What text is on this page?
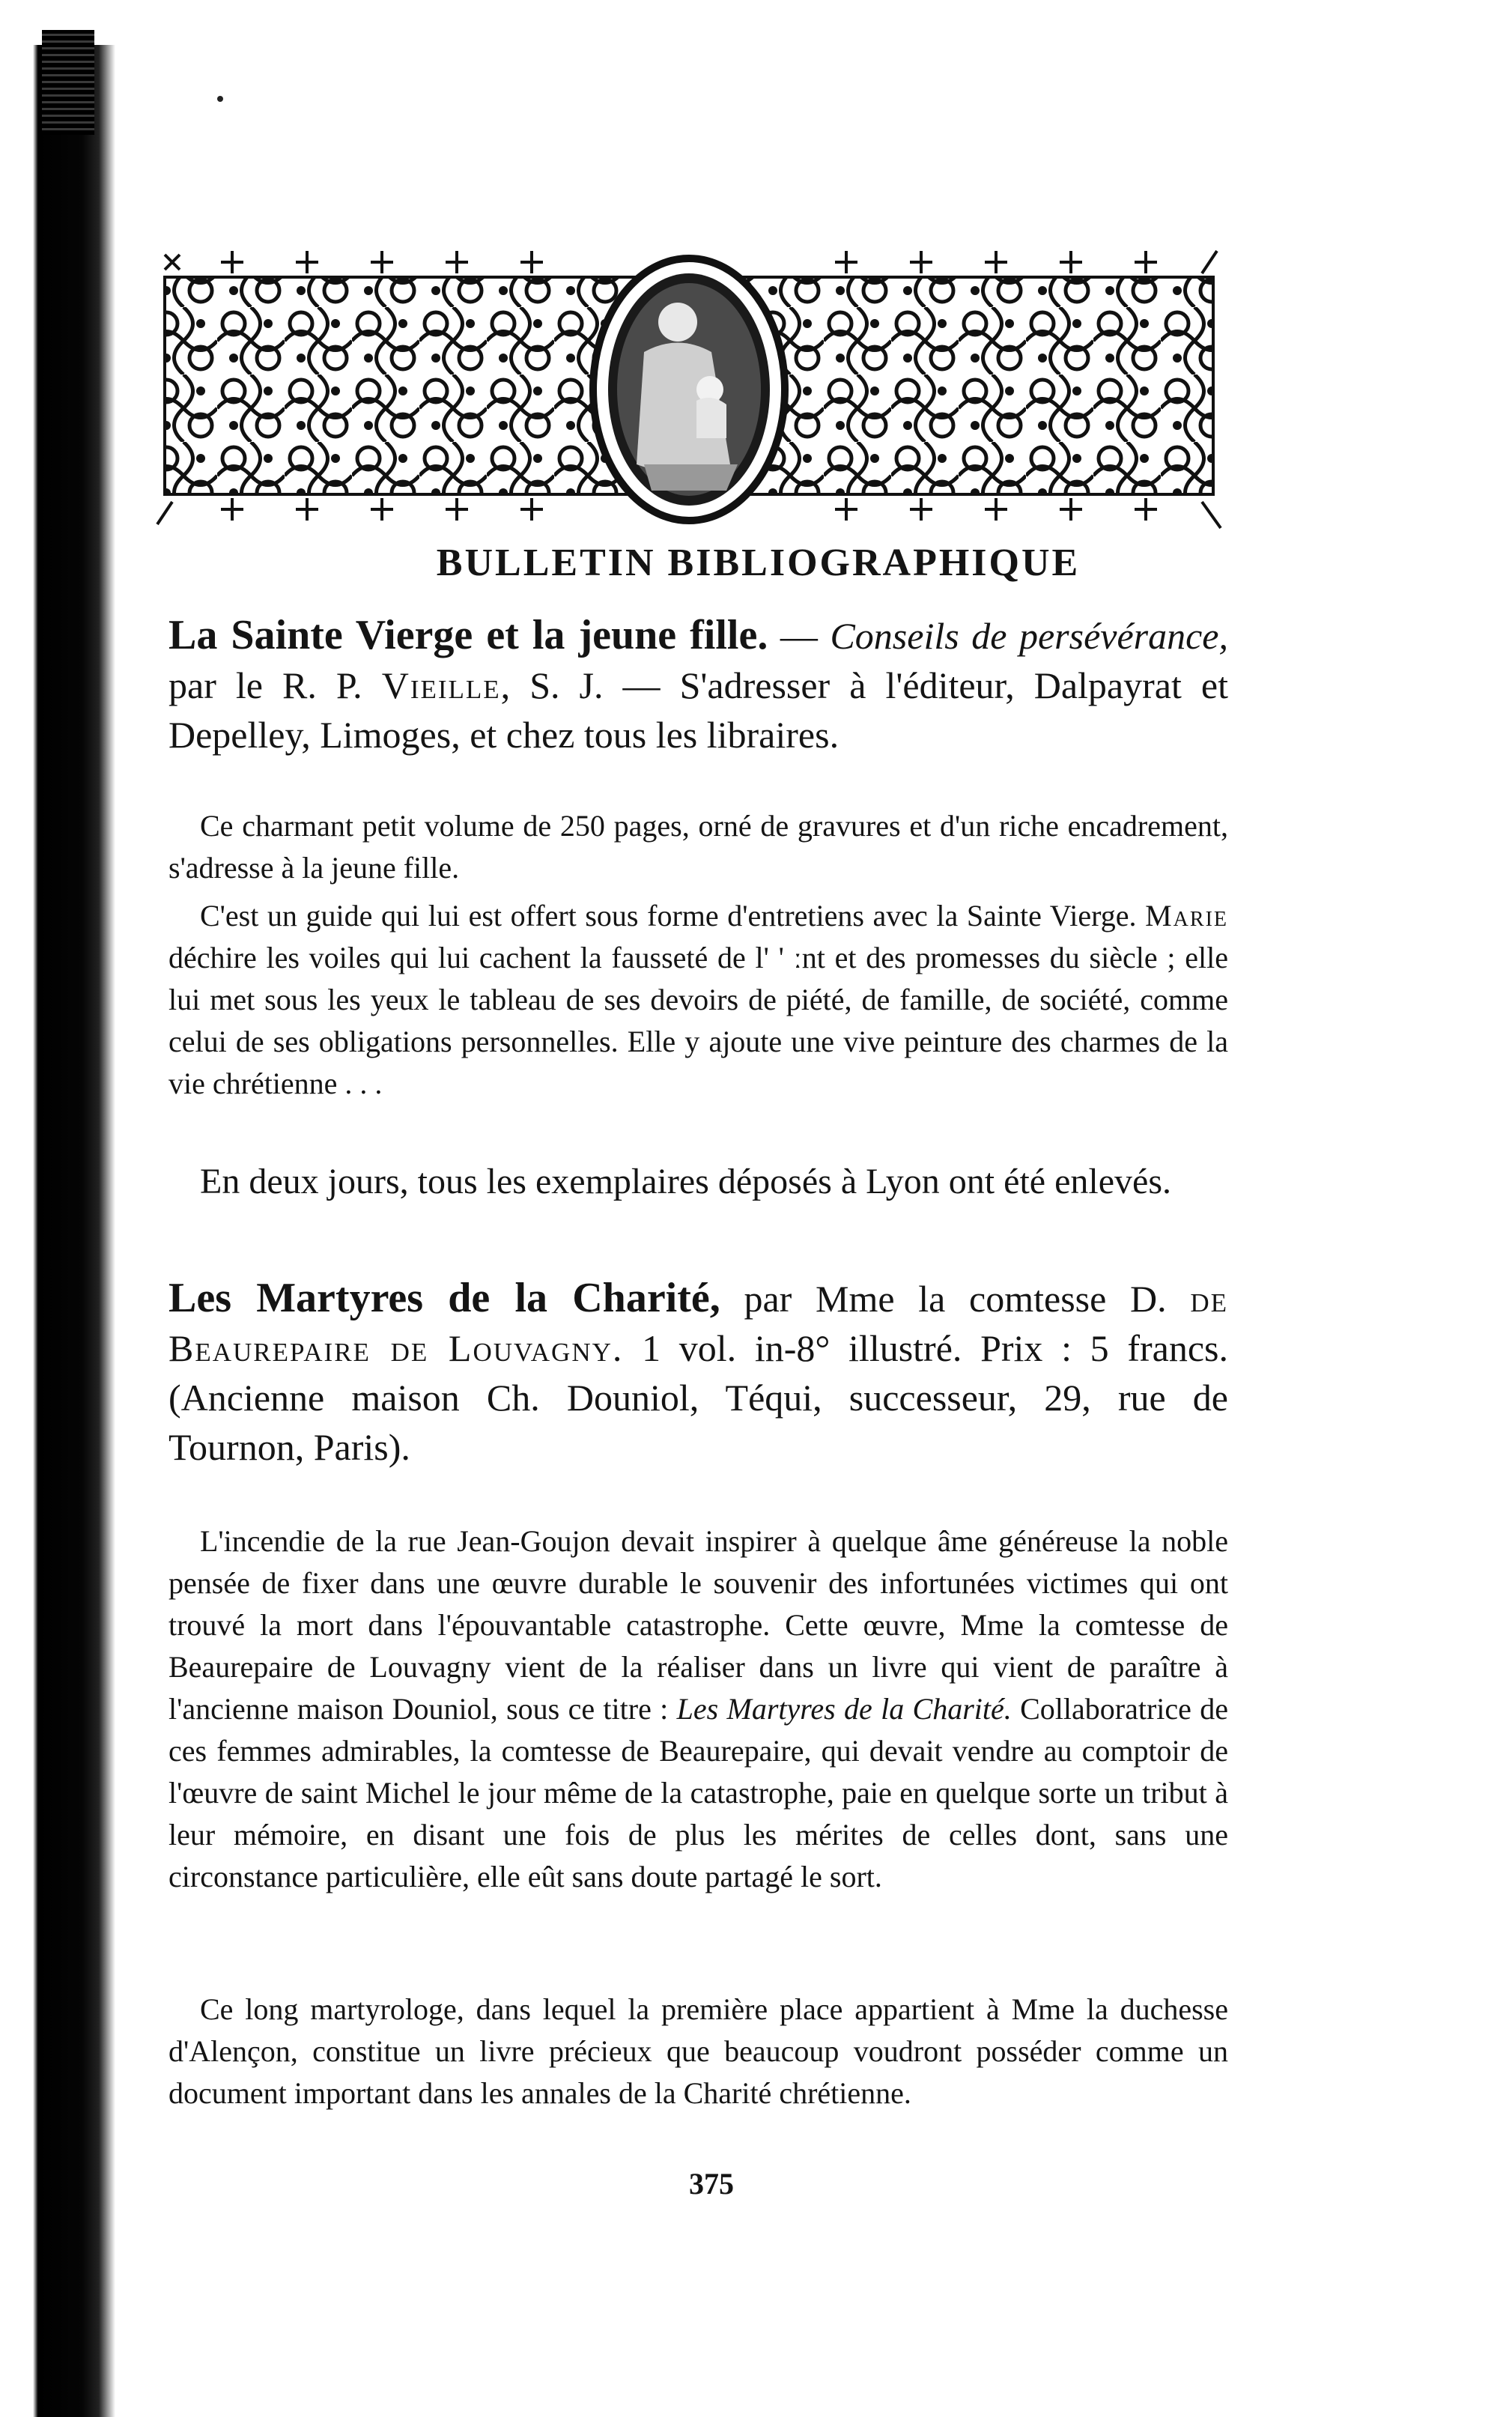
BULLETIN BIBLIOGRAPHIQUE
La Sainte Vierge et la jeune fille. — Conseils de persévérance, par le R. P. Vieille, S. J. — S'adresser à l'éditeur, Dalpayrat et Depelley, Limoges, et chez tous les libraires.

Ce charmant petit volume de 250 pages, orné de gravures et d'un riche encadrement, s'adresse à la jeune fille.

C'est un guide qui lui est offert sous forme d'entretiens avec la Sainte Vierge. Marie déchire les voiles qui lui cachent la fausseté de l' ' ːnt et des promesses du siècle ; elle lui met sous les yeux le tableau de ses devoirs de piété, de famille, de société, comme celui de ses obligations personnelles. Elle y ajoute une vive peinture des charmes de la vie chrétienne . . .

En deux jours, tous les exemplaires déposés à Lyon ont été enlevés.

Les Martyres de la Charité, par Mme la comtesse D. de Beaurepaire de Louvagny. 1 vol. in-8° illustré. Prix : 5 francs. (Ancienne maison Ch. Douniol, Téqui, successeur, 29, rue de Tournon, Paris).

L'incendie de la rue Jean-Goujon devait inspirer à quelque âme généreuse la noble pensée de fixer dans une œuvre durable le souvenir des infortunées victimes qui ont trouvé la mort dans l'épouvantable catastrophe. Cette œuvre, Mme la comtesse de Beaurepaire de Louvagny vient de la réaliser dans un livre qui vient de paraître à l'ancienne maison Douniol, sous ce titre : Les Martyres de la Charité. Collaboratrice de ces femmes admirables, la comtesse de Beaurepaire, qui devait vendre au comptoir de l'œuvre de saint Michel le jour même de la catastrophe, paie en quelque sorte un tribut à leur mémoire, en disant une fois de plus les mérites de celles dont, sans une circonstance particulière, elle eût sans doute partagé le sort.

Ce long martyrologe, dans lequel la première place appartient à Mme la duchesse d'Alençon, constitue un livre précieux que beaucoup voudront posséder comme un document important dans les annales de la Charité chrétienne.

375
